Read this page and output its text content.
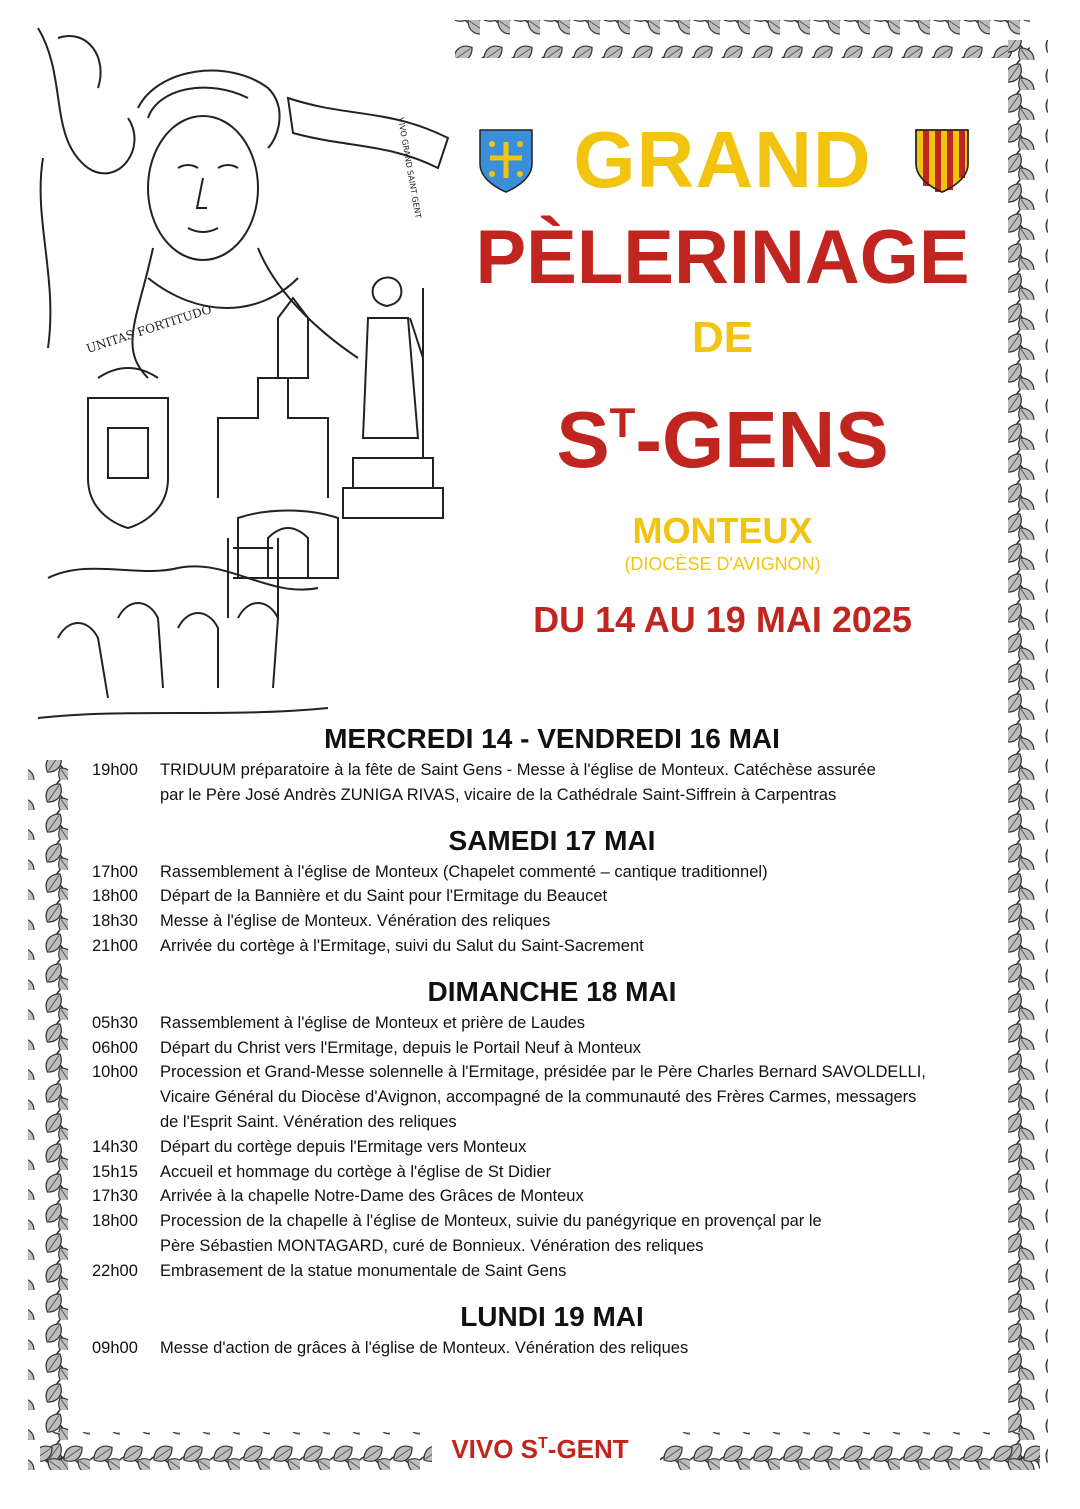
UNITAS FORTITUDO
VIVO GRAND SAINT GENT	GRAND
PÈLERINAGE
DE
$S^T$-GENS
MONTEUX
(DIOCÈSE D'AVIGNON)
DU 14 AU 19 MAI 2025
MERCREDI 14 - VENDREDI 16 MAI
19h00	TRIDUUM préparatoire à la fête de Saint Gens - Messe à l'église de Monteux. Catéchèse assurée
par le Père José Andrès ZUNIGA RIVAS, vicaire de la Cathédrale Saint-Siffrein à Carpentras
SAMEDI 17 MAI
17h00	Rassemblement à l'église de Monteux (Chapelet commenté – cantique traditionnel)
18h00	Départ de la Bannière et du Saint pour l'Ermitage du Beaucet
18h30	Messe à l'église de Monteux. Vénération des reliques
21h00	Arrivée du cortège à l'Ermitage, suivi du Salut du Saint-Sacrement
DIMANCHE 18 MAI
05h30	Rassemblement à l'église de Monteux et prière de Laudes
06h00	Départ du Christ vers l'Ermitage, depuis le Portail Neuf à Monteux
10h00	Procession et Grand-Messe solennelle à l'Ermitage, présidée par le Père Charles Bernard SAVOLDELLI,
Vicaire Général du Diocèse d'Avignon, accompagné de la communauté des Frères Carmes, messagers
de l'Esprit Saint. Vénération des reliques
14h30	Départ du cortège depuis l'Ermitage vers Monteux
15h15	Accueil et hommage du cortège à l'église de St Didier
17h30	Arrivée à la chapelle Notre-Dame des Grâces de Monteux
18h00	Procession de la chapelle à l'église de Monteux, suivie du panégyrique en provençal par le
Père Sébastien MONTAGARD, curé de Bonnieux. Vénération des reliques
22h00	Embrasement de la statue monumentale de Saint Gens
LUNDI 19 MAI
09h00	Messe d'action de grâces à l'église de Monteux. Vénération des reliques
VIVO ST-GENT
